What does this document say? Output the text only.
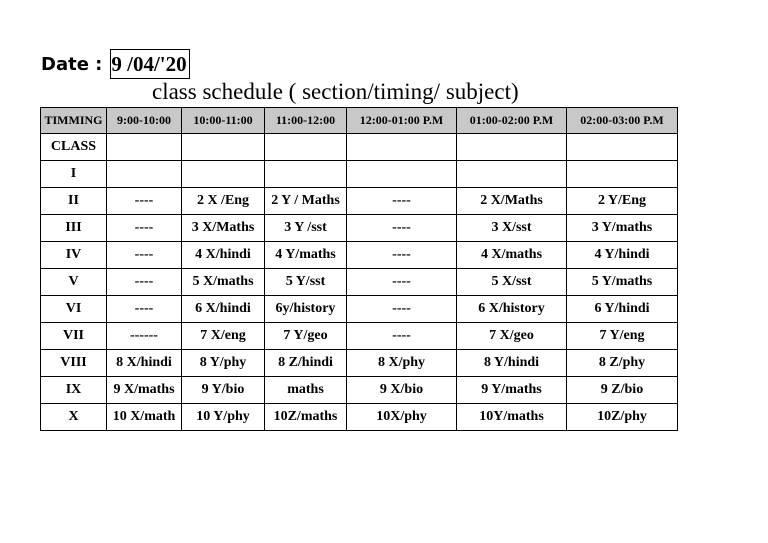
Date : 9 /04/'20
class schedule ( section/timing/ subject)
TIMMING	9:00-10:00	10:00-11:00	11:00-12:00	12:00-01:00 P.M	01:00-02:00 P.M	02:00-03:00 P.M
CLASS						
I						
II	----	2 X /Eng	2 Y / Maths	----	2 X/Maths	2 Y/Eng
III	----	3 X/Maths	3 Y /sst	----	3 X/sst	3 Y/maths
IV	----	4 X/hindi	4 Y/maths	----	4 X/maths	4 Y/hindi
V	----	5 X/maths	5 Y/sst	----	5 X/sst	5 Y/maths
VI	----	6 X/hindi	6y/history	----	6 X/history	6 Y/hindi
VII	------	7 X/eng	7 Y/geo	----	7 X/geo	7 Y/eng
VIII	8 X/hindi	8 Y/phy	8 Z/hindi	8 X/phy	8 Y/hindi	8 Z/phy
IX	9 X/maths	9 Y/bio	maths	9 X/bio	9 Y/maths	9 Z/bio
X	10 X/math	10 Y/phy	10Z/maths	10X/phy	10Y/maths	10Z/phy
